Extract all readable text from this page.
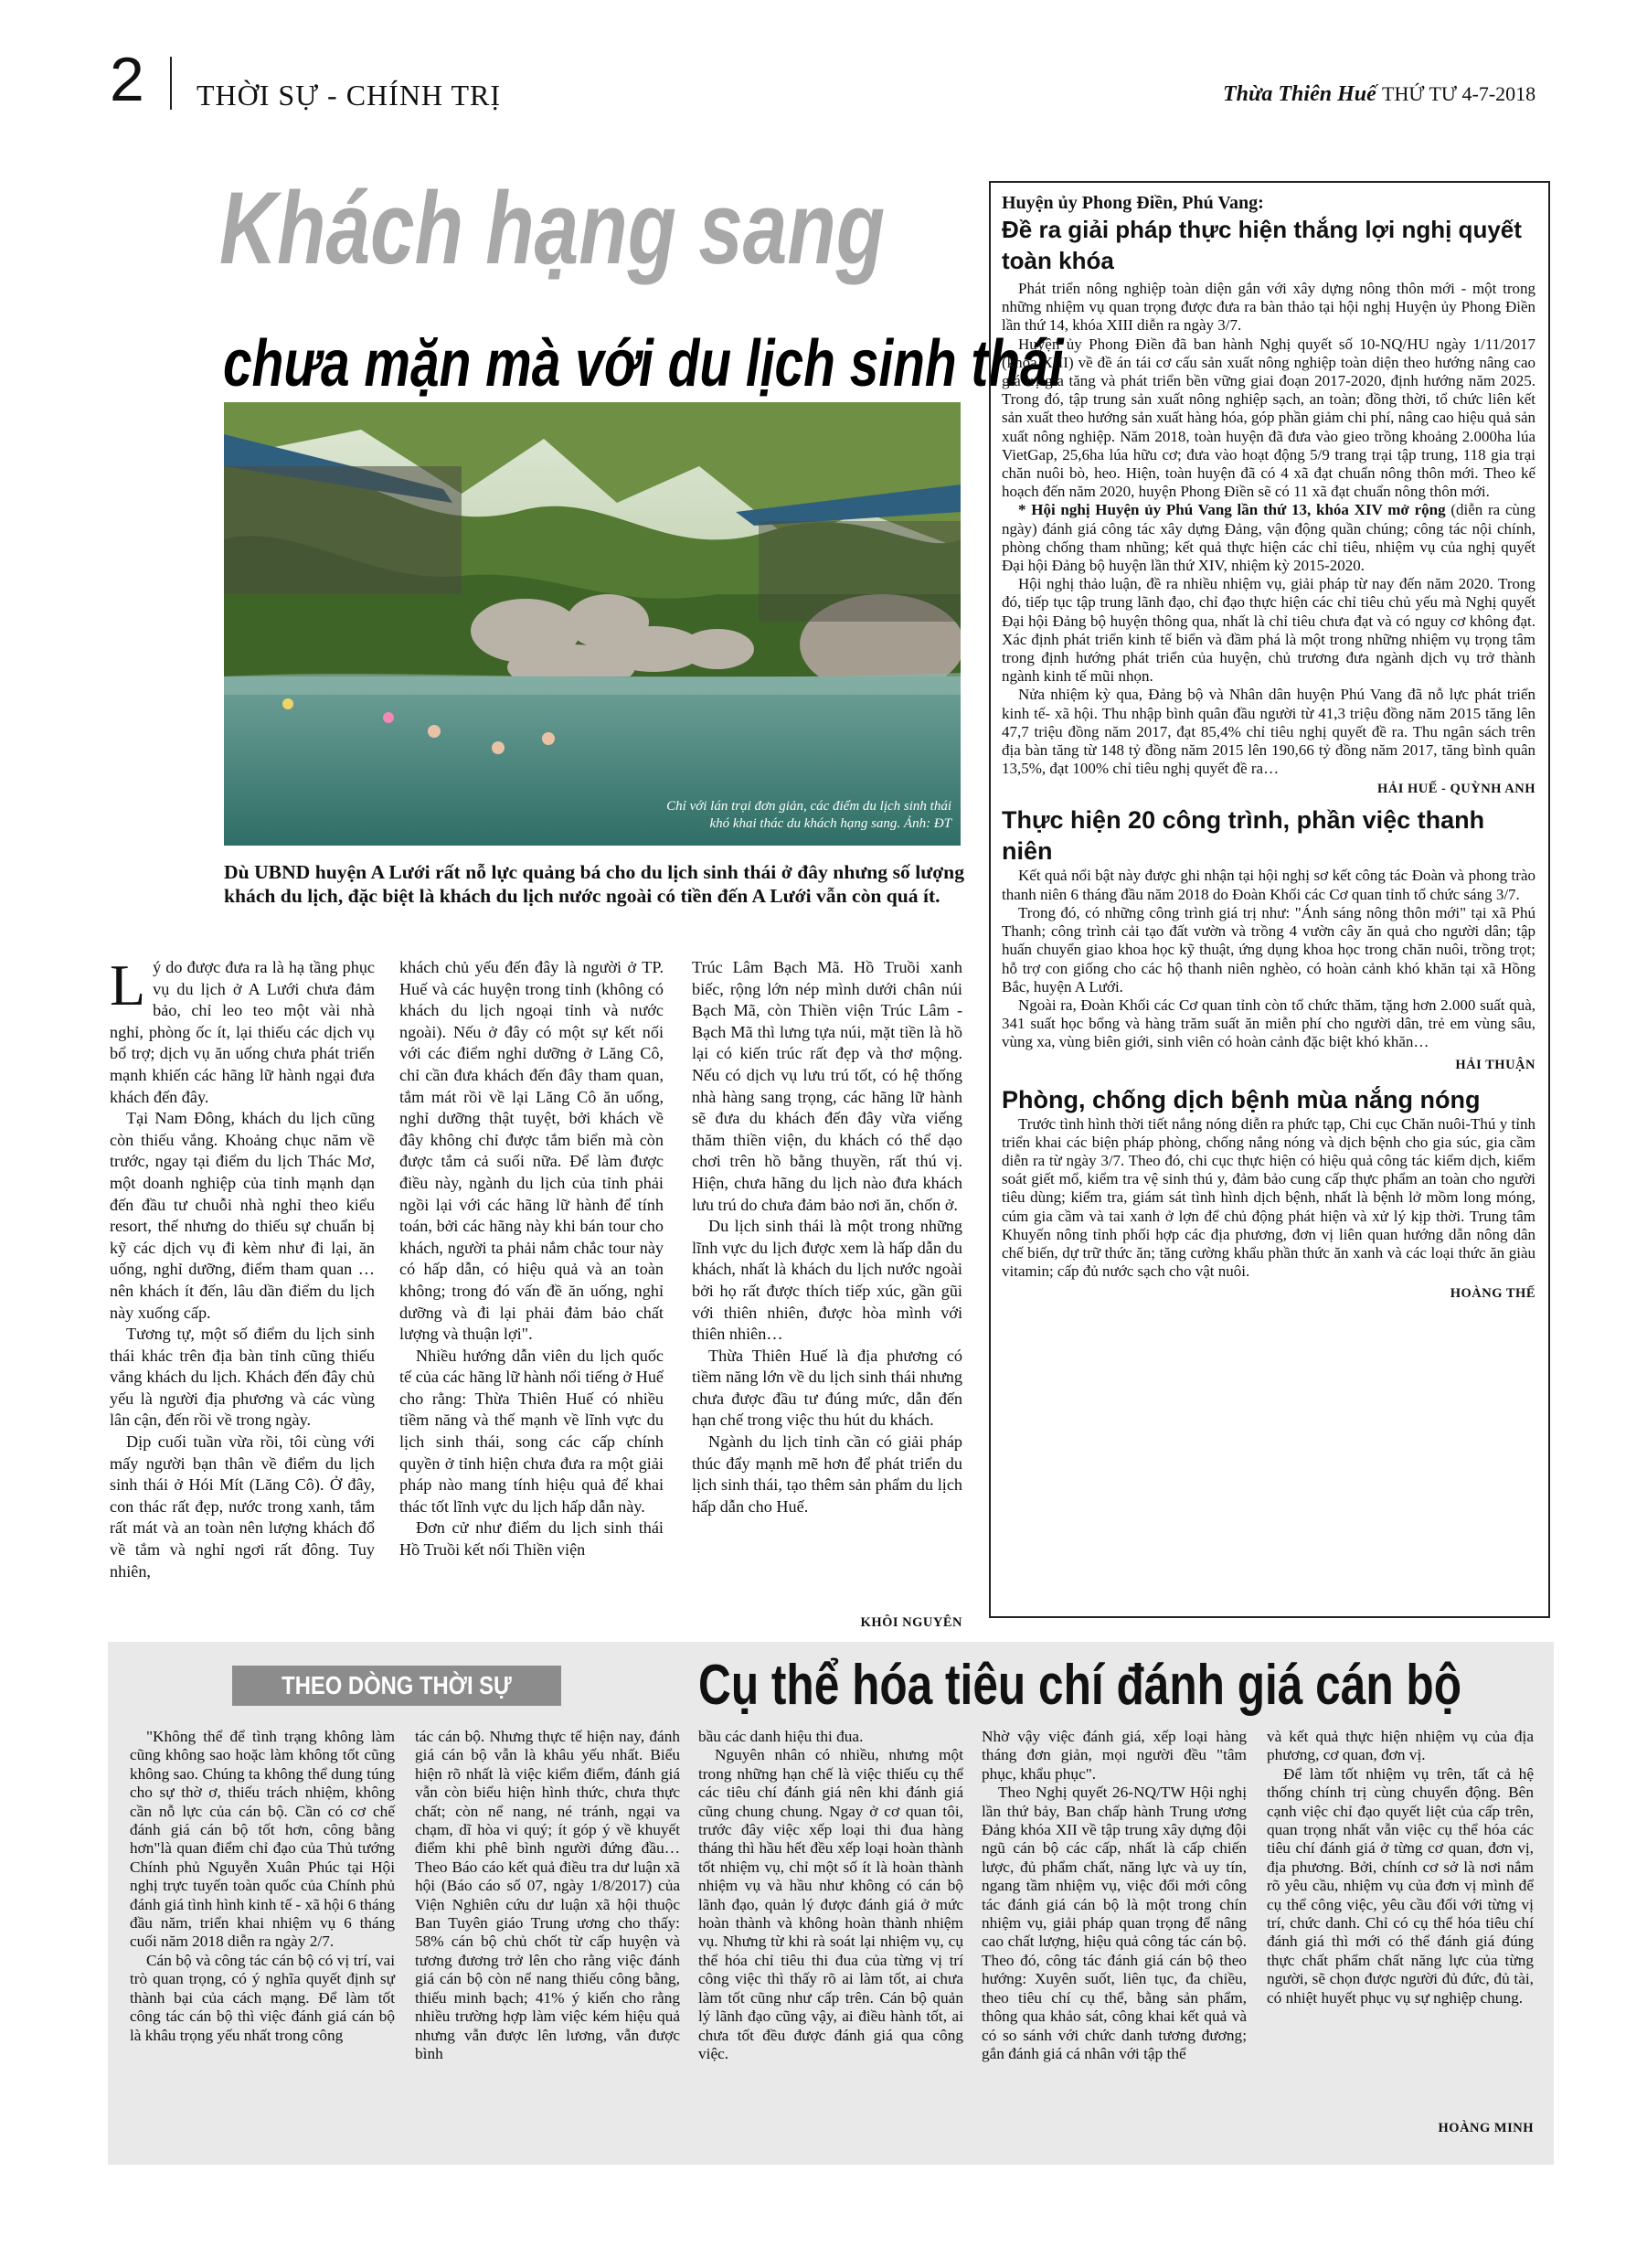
2 THỜI SỰ - CHÍNH TRỊ	Thừa Thiên Huế THỨ TƯ 4-7-2018
Khách hạng sang
chưa mặn mà với du lịch sinh thái
Chỉ với lán trại đơn giản, các điểm du lịch sinh thái
khó khai thác du khách hạng sang. Ảnh: ĐT
Dù UBND huyện A Lưới rất nỗ lực quảng bá cho du lịch sinh thái ở đây nhưng số lượng khách du lịch, đặc biệt là khách du lịch nước ngoài có tiền đến A Lưới vẫn còn quá ít.

Lý do được đưa ra là hạ tầng phục vụ du lịch ở A Lưới chưa đảm bảo, chỉ leo teo một vài nhà nghỉ, phòng ốc ít, lại thiếu các dịch vụ bổ trợ; dịch vụ ăn uống chưa phát triển mạnh khiến các hãng lữ hành ngại đưa khách đến đây.

Tại Nam Đông, khách du lịch cũng còn thiếu vắng. Khoảng chục năm về trước, ngay tại điểm du lịch Thác Mơ, một doanh nghiệp của tỉnh mạnh dạn đến đầu tư chuỗi nhà nghỉ theo kiểu resort, thế nhưng do thiếu sự chuẩn bị kỹ các dịch vụ đi kèm như đi lại, ăn uống, nghỉ dưỡng, điểm tham quan …nên khách ít đến, lâu dần điểm du lịch này xuống cấp.

Tương tự, một số điểm du lịch sinh thái khác trên địa bàn tỉnh cũng thiếu vắng khách du lịch. Khách đến đây chủ yếu là người địa phương và các vùng lân cận, đến rồi về trong ngày.

Dịp cuối tuần vừa rồi, tôi cùng với mấy người bạn thân về điểm du lịch sinh thái ở Hói Mít (Lăng Cô). Ở đây, con thác rất đẹp, nước trong xanh, tắm rất mát và an toàn nên lượng khách đổ về tắm và nghỉ ngơi rất đông. Tuy nhiên,

khách chủ yếu đến đây là người ở TP. Huế và các huyện trong tỉnh (không có khách du lịch ngoại tỉnh và nước ngoài). Nếu ở đây có một sự kết nối với các điểm nghỉ dưỡng ở Lăng Cô, chỉ cần đưa khách đến đây tham quan, tắm mát rồi về lại Lăng Cô ăn uống, nghỉ dưỡng thật tuyệt, bởi khách về đây không chỉ được tắm biển mà còn được tắm cả suối nữa. Để làm được điều này, ngành du lịch của tỉnh phải ngồi lại với các hãng lữ hành để tính toán, bởi các hãng này khi bán tour cho khách, người ta phải nắm chắc tour này có hấp dẫn, có hiệu quả và an toàn không; trong đó vấn đề ăn uống, nghỉ dưỡng và đi lại phải đảm bảo chất lượng và thuận lợi".

Nhiều hướng dẫn viên du lịch quốc tế của các hãng lữ hành nổi tiếng ở Huế cho rằng: Thừa Thiên Huế có nhiều tiềm năng và thế mạnh về lĩnh vực du lịch sinh thái, song các cấp chính quyền ở tỉnh hiện chưa đưa ra một giải pháp nào mang tính hiệu quả để khai thác tốt lĩnh vực du lịch hấp dẫn này.

Đơn cử như điểm du lịch sinh thái Hồ Truồi kết nối Thiền viện

Trúc Lâm Bạch Mã. Hồ Truồi xanh biếc, rộng lớn nép mình dưới chân núi Bạch Mã, còn Thiền viện Trúc Lâm - Bạch Mã thì lưng tựa núi, mặt tiền là hồ lại có kiến trúc rất đẹp và thơ mộng. Nếu có dịch vụ lưu trú tốt, có hệ thống nhà hàng sang trọng, các hãng lữ hành sẽ đưa du khách đến đây vừa viếng thăm thiền viện, du khách có thể dạo chơi trên hồ bằng thuyền, rất thú vị. Hiện, chưa hãng du lịch nào đưa khách lưu trú do chưa đảm bảo nơi ăn, chốn ở.

Du lịch sinh thái là một trong những lĩnh vực du lịch được xem là hấp dẫn du khách, nhất là khách du lịch nước ngoài bởi họ rất được thích tiếp xúc, gần gũi với thiên nhiên, được hòa mình với thiên nhiên…

Thừa Thiên Huế là địa phương có tiềm năng lớn về du lịch sinh thái nhưng chưa được đầu tư đúng mức, dẫn đến hạn chế trong việc thu hút du khách.

Ngành du lịch tỉnh cần có giải pháp thúc đẩy mạnh mẽ hơn để phát triển du lịch sinh thái, tạo thêm sản phẩm du lịch hấp dẫn cho Huế.

KHÔI NGUYÊN
Huyện ủy Phong Điền, Phú Vang:
Đề ra giải pháp thực hiện thắng lợi nghị quyết toàn khóa

Phát triển nông nghiệp toàn diện gắn với xây dựng nông thôn mới - một trong những nhiệm vụ quan trọng được đưa ra bàn thảo tại hội nghị Huyện ủy Phong Điền lần thứ 14, khóa XIII diễn ra ngày 3/7.

Huyện ủy Phong Điền đã ban hành Nghị quyết số 10-NQ/HU ngày 1/11/2017 (khóa XIII) về đề án tái cơ cấu sản xuất nông nghiệp toàn diện theo hướng nâng cao giá trị gia tăng và phát triển bền vững giai đoạn 2017-2020, định hướng năm 2025. Trong đó, tập trung sản xuất nông nghiệp sạch, an toàn; đồng thời, tổ chức liên kết sản xuất theo hướng sản xuất hàng hóa, góp phần giảm chi phí, nâng cao hiệu quả sản xuất nông nghiệp. Năm 2018, toàn huyện đã đưa vào gieo trồng khoảng 2.000ha lúa VietGap, 25,6ha lúa hữu cơ; đưa vào hoạt động 5/9 trang trại tập trung, 118 gia trại chăn nuôi bò, heo. Hiện, toàn huyện đã có 4 xã đạt chuẩn nông thôn mới. Theo kế hoạch đến năm 2020, huyện Phong Điền sẽ có 11 xã đạt chuẩn nông thôn mới.

* Hội nghị Huyện ủy Phú Vang lần thứ 13, khóa XIV mở rộng (diễn ra cùng ngày) đánh giá công tác xây dựng Đảng, vận động quần chúng; công tác nội chính, phòng chống tham nhũng; kết quả thực hiện các chỉ tiêu, nhiệm vụ của nghị quyết Đại hội Đảng bộ huyện lần thứ XIV, nhiệm kỳ 2015-2020.

Hội nghị thảo luận, đề ra nhiều nhiệm vụ, giải pháp từ nay đến năm 2020. Trong đó, tiếp tục tập trung lãnh đạo, chỉ đạo thực hiện các chỉ tiêu chủ yếu mà Nghị quyết Đại hội Đảng bộ huyện thông qua, nhất là chỉ tiêu chưa đạt và có nguy cơ không đạt. Xác định phát triển kinh tế biển và đầm phá là một trong những nhiệm vụ trọng tâm trong định hướng phát triển của huyện, chủ trương đưa ngành dịch vụ trở thành ngành kinh tế mũi nhọn.

Nửa nhiệm kỳ qua, Đảng bộ và Nhân dân huyện Phú Vang đã nỗ lực phát triển kinh tế- xã hội. Thu nhập bình quân đầu người từ 41,3 triệu đồng năm 2015 tăng lên 47,7 triệu đồng năm 2017, đạt 85,4% chỉ tiêu nghị quyết đề ra. Thu ngân sách trên địa bàn tăng từ 148 tỷ đồng năm 2015 lên 190,66 tỷ đồng năm 2017, tăng bình quân 13,5%, đạt 100% chỉ tiêu nghị quyết đề ra…

HẢI HUẾ - QUỲNH ANH
Thực hiện 20 công trình, phần việc thanh niên

Kết quả nổi bật này được ghi nhận tại hội nghị sơ kết công tác Đoàn và phong trào thanh niên 6 tháng đầu năm 2018 do Đoàn Khối các Cơ quan tỉnh tổ chức sáng 3/7.

Trong đó, có những công trình giá trị như: "Ánh sáng nông thôn mới" tại xã Phú Thanh; công trình cải tạo đất vườn và trồng 4 vườn cây ăn quả cho người dân; tập huấn chuyển giao khoa học kỹ thuật, ứng dụng khoa học trong chăn nuôi, trồng trọt; hỗ trợ con giống cho các hộ thanh niên nghèo, có hoàn cảnh khó khăn tại xã Hồng Bắc, huyện A Lưới.

Ngoài ra, Đoàn Khối các Cơ quan tỉnh còn tổ chức thăm, tặng hơn 2.000 suất quà, 341 suất học bổng và hàng trăm suất ăn miễn phí cho người dân, trẻ em vùng sâu, vùng xa, vùng biên giới, sinh viên có hoàn cảnh đặc biệt khó khăn…

HẢI THUẬN
Phòng, chống dịch bệnh mùa nắng nóng

Trước tình hình thời tiết nắng nóng diễn ra phức tạp, Chi cục Chăn nuôi-Thú y tỉnh triển khai các biện pháp phòng, chống nắng nóng và dịch bệnh cho gia súc, gia cầm diễn ra từ ngày 3/7. Theo đó, chi cục thực hiện có hiệu quả công tác kiểm dịch, kiểm soát giết mổ, kiểm tra vệ sinh thú y, đảm bảo cung cấp thực phẩm an toàn cho người tiêu dùng; kiểm tra, giám sát tình hình dịch bệnh, nhất là bệnh lở mồm long móng, cúm gia cầm và tai xanh ở lợn để chủ động phát hiện và xử lý kịp thời. Trung tâm Khuyến nông tỉnh phối hợp các địa phương, đơn vị liên quan hướng dẫn nông dân chế biến, dự trữ thức ăn; tăng cường khẩu phần thức ăn xanh và các loại thức ăn giàu vitamin; cấp đủ nước sạch cho vật nuôi.

HOÀNG THẾ
THEO DÒNG THỜI SỰ	Cụ thể hóa tiêu chí đánh giá cán bộ

"Không thể để tình trạng không làm cũng không sao hoặc làm không tốt cũng không sao. Chúng ta không thể dung túng cho sự thờ ơ, thiếu trách nhiệm, không cần nỗ lực của cán bộ. Cần có cơ chế đánh giá cán bộ tốt hơn, công bằng hơn"là quan điểm chỉ đạo của Thủ tướng Chính phủ Nguyễn Xuân Phúc tại Hội nghị trực tuyến toàn quốc của Chính phủ đánh giá tình hình kinh tế - xã hội 6 tháng đầu năm, triển khai nhiệm vụ 6 tháng cuối năm 2018 diễn ra ngày 2/7.

Cán bộ và công tác cán bộ có vị trí, vai trò quan trọng, có ý nghĩa quyết định sự thành bại của cách mạng. Để làm tốt công tác cán bộ thì việc đánh giá cán bộ là khâu trọng yếu nhất trong công

tác cán bộ. Nhưng thực tế hiện nay, đánh giá cán bộ vẫn là khâu yếu nhất. Biểu hiện rõ nhất là việc kiểm điểm, đánh giá vẫn còn biểu hiện hình thức, chưa thực chất; còn nể nang, né tránh, ngại va chạm, dĩ hòa vi quý; ít góp ý về khuyết điểm khi phê bình người đứng đầu… Theo Báo cáo kết quả điều tra dư luận xã hội (Báo cáo số 07, ngày 1/8/2017) của Viện Nghiên cứu dư luận xã hội thuộc Ban Tuyên giáo Trung ương cho thấy: 58% cán bộ chủ chốt từ cấp huyện và tương đương trở lên cho rằng việc đánh giá cán bộ còn nể nang thiếu công bằng, thiếu minh bạch; 41% ý kiến cho rằng nhiều trường hợp làm việc kém hiệu quả nhưng vẫn được lên lương, vẫn được bình

bầu các danh hiệu thi đua.

Nguyên nhân có nhiều, nhưng một trong những hạn chế là việc thiếu cụ thể các tiêu chí đánh giá nên khi đánh giá cũng chung chung. Ngay ở cơ quan tôi, trước đây việc xếp loại thi đua hàng tháng thì hầu hết đều xếp loại hoàn thành tốt nhiệm vụ, chỉ một số ít là hoàn thành nhiệm vụ và hầu như không có cán bộ lãnh đạo, quản lý được đánh giá ở mức hoàn thành và không hoàn thành nhiệm vụ. Nhưng từ khi rà soát lại nhiệm vụ, cụ thể hóa chỉ tiêu thi đua của từng vị trí công việc thì thấy rõ ai làm tốt, ai chưa làm tốt cũng như cấp trên. Cán bộ quản lý lãnh đạo cũng vậy, ai điều hành tốt, ai chưa tốt đều được đánh giá qua công việc.

Nhờ vậy việc đánh giá, xếp loại hàng tháng đơn giản, mọi người đều "tâm phục, khẩu phục".

Theo Nghị quyết 26-NQ/TW Hội nghị lần thứ bảy, Ban chấp hành Trung ương Đảng khóa XII về tập trung xây dựng đội ngũ cán bộ các cấp, nhất là cấp chiến lược, đủ phẩm chất, năng lực và uy tín, ngang tầm nhiệm vụ, việc đổi mới công tác đánh giá cán bộ là một trong chín nhiệm vụ, giải pháp quan trọng để nâng cao chất lượng, hiệu quả công tác cán bộ. Theo đó, công tác đánh giá cán bộ theo hướng: Xuyên suốt, liên tục, đa chiều, theo tiêu chí cụ thể, bằng sản phẩm, thông qua khảo sát, công khai kết quả và có so sánh với chức danh tương đương; gắn đánh giá cá nhân với tập thể

và kết quả thực hiện nhiệm vụ của địa phương, cơ quan, đơn vị.

Để làm tốt nhiệm vụ trên, tất cả hệ thống chính trị cùng chuyển động. Bên cạnh việc chỉ đạo quyết liệt của cấp trên, quan trọng nhất vẫn việc cụ thể hóa các tiêu chí đánh giá ở từng cơ quan, đơn vị, địa phương. Bởi, chính cơ sở là nơi nắm rõ yêu cầu, nhiệm vụ của đơn vị mình để cụ thể công việc, yêu cầu đối với từng vị trí, chức danh. Chỉ có cụ thể hóa tiêu chí đánh giá thì mới có thể đánh giá đúng thực chất phẩm chất năng lực của từng người, sẽ chọn được người đủ đức, đủ tài, có nhiệt huyết phục vụ sự nghiệp chung.

HOÀNG MINH
